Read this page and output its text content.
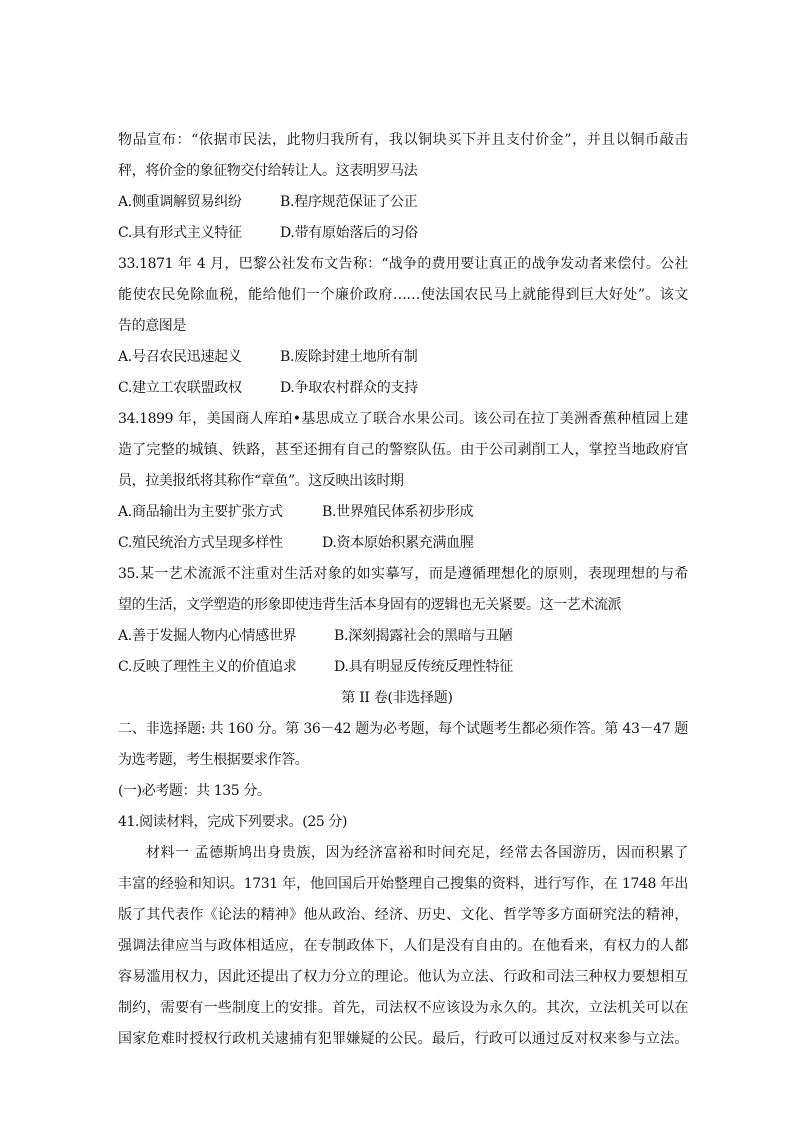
物品宣布：“依据市民法，此物归我所有，我以铜块买下并且支付价金”，并且以铜币敲击
秤，将价金的象征物交付给转让人。这表明罗马法
A.侧重调解贸易纠纷	B.程序规范保证了公正
C.具有形式主义特征	D.带有原始落后的习俗
33.1871 年 4 月，巴黎公社发布文告称：“战争的费用要让真正的战争发动者来偿付。公社
能使农民免除血税，能给他们一个廉价政府……使法国农民马上就能得到巨大好处”。该文
告的意图是
A.号召农民迅速起义	B.废除封建土地所有制
C.建立工农联盟政权	D.争取农村群众的支持
34.1899 年，美国商人库珀•基思成立了联合水果公司。该公司在拉丁美洲香蕉种植园上建
造了完整的城镇、铁路，甚至还拥有自己的警察队伍。由于公司剥削工人，掌控当地政府官
员，拉美报纸将其称作“章鱼”。这反映出该时期
A.商品输出为主要扩张方式	B.世界殖民体系初步形成
C.殖民统治方式呈现多样性	D.资本原始积累充满血腥
35.某一艺术流派不注重对生活对象的如实摹写，而是遵循理想化的原则，表现理想的与希
望的生活，文学塑造的形象即使违背生活本身固有的逻辑也无关紧要。这一艺术流派
A.善于发掘人物内心情感世界	B.深刻揭露社会的黑暗与丑陋
C.反映了理性主义的价值追求	D.具有明显反传统反理性特征
第 II 卷(非选择题)
二、非选择题: 共 160 分。第 36－42 题为必考题，每个试题考生都必须作答。第 43－47 题
为选考题，考生根据要求作答。
(一)必考题：共 135 分。
41.阅读材料，完成下列要求。(25 分)
材料一 孟德斯鸠出身贵族，因为经济富裕和时间充足，经常去各国游历，因而积累了
丰富的经验和知识。1731 年，他回国后开始整理自己搜集的资料，进行写作，在 1748 年出
版了其代表作《论法的精神》他从政治、经济、历史、文化、哲学等多方面研究法的精神，
强调法律应当与政体相适应，在专制政体下，人们是没有自由的。在他看来，有权力的人都
容易滥用权力，因此还提出了权力分立的理论。他认为立法、行政和司法三种权力要想相互
制约，需要有一些制度上的安排。首先，司法权不应该设为永久的。其次，立法机关可以在
国家危难时授权行政机关逮捕有犯罪嫌疑的公民。最后，行政可以通过反对权来参与立法。
